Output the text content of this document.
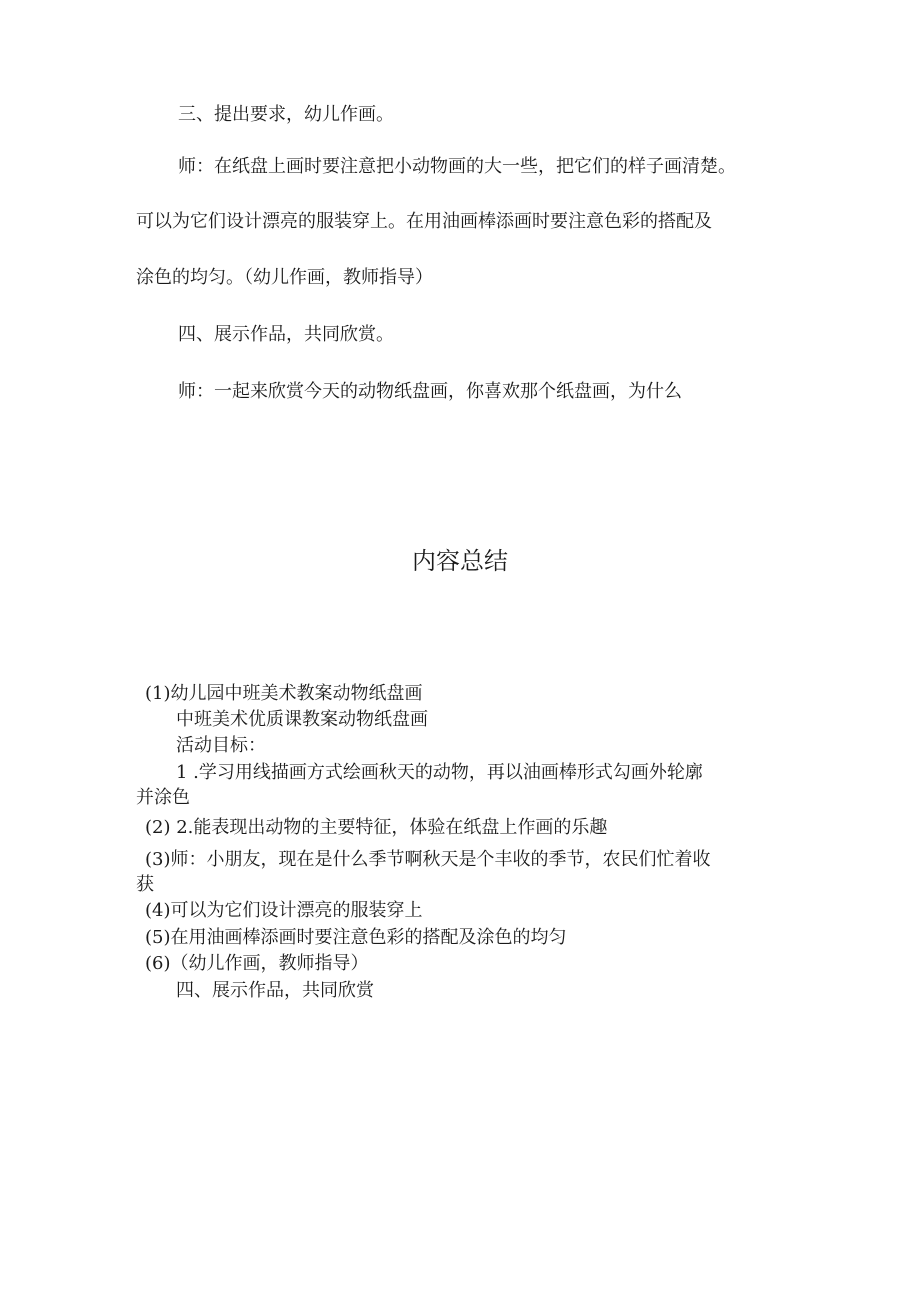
三、提出要求，幼儿作画。

师：在纸盘上画时要注意把小动物画的大一些，把它们的样子画清楚。

可以为它们设计漂亮的服装穿上。在用油画棒添画时要注意色彩的搭配及

涂色的均匀。（幼儿作画，教师指导）

四、展示作品，共同欣赏。

师：一起来欣赏今天的动物纸盘画，你喜欢那个纸盘画，为什么

内容总结

(1)幼儿园中班美术教案动物纸盘画

中班美术优质课教案动物纸盘画

活动目标：

1 .学习用线描画方式绘画秋天的动物，再以油画棒形式勾画外轮廓

并涂色

(2) 2.能表现出动物的主要特征，体验在纸盘上作画的乐趣

(3)师：小朋友，现在是什么季节啊秋天是个丰收的季节，农民们忙着收

获

(4)可以为它们设计漂亮的服装穿上

(5)在用油画棒添画时要注意色彩的搭配及涂色的均匀

(6)（幼儿作画，教师指导）

四、展示作品，共同欣赏
